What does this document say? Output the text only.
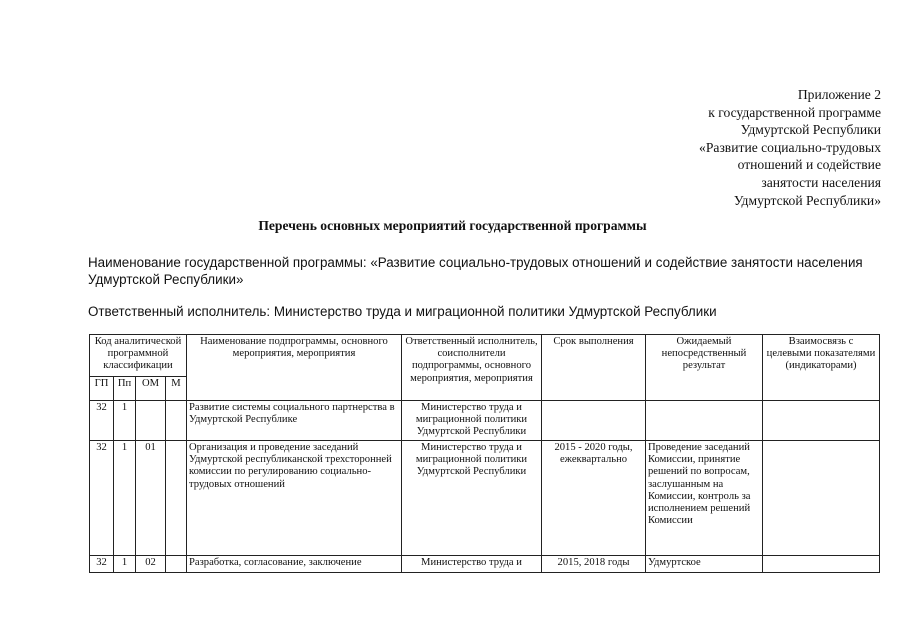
Приложение 2
к государственной программе
Удмуртской Республики
«Развитие социально-трудовых
отношений и содействие
занятости населения
Удмуртской Республики»
Перечень основных мероприятий государственной программы
Наименование государственной программы: «Развитие социально-трудовых отношений и содействие занятости населения Удмуртской Республики»
Ответственный исполнитель: Министерство труда и миграционной политики Удмуртской Республики
Код аналитической программной классификации				Наименование подпрограммы, основного мероприятия, мероприятия	Ответственный исполнитель, соисполнители подпрограммы, основного мероприятия, мероприятия	Срок выполнения	Ожидаемый непосредственный результат	Взаимосвязь с целевыми показателями (индикаторами)
ГП	Пп	ОМ	М					
32	1			Развитие системы социального партнерства в Удмуртской Республике	Министерство труда и миграционной политики Удмуртской Республики			
32	1	01		Организация и проведение заседаний Удмуртской республиканской трехсторонней комиссии по регулированию социально-трудовых отношений	Министерство труда и миграционной политики Удмуртской Республики	2015 - 2020 годы, ежеквартально	Проведение заседаний Комиссии, принятие решений по вопросам, заслушанным на Комиссии, контроль за исполнением решений Комиссии	
32	1	02		Разработка, согласование, заключение	Министерство труда и	2015, 2018 годы	Удмуртское	
